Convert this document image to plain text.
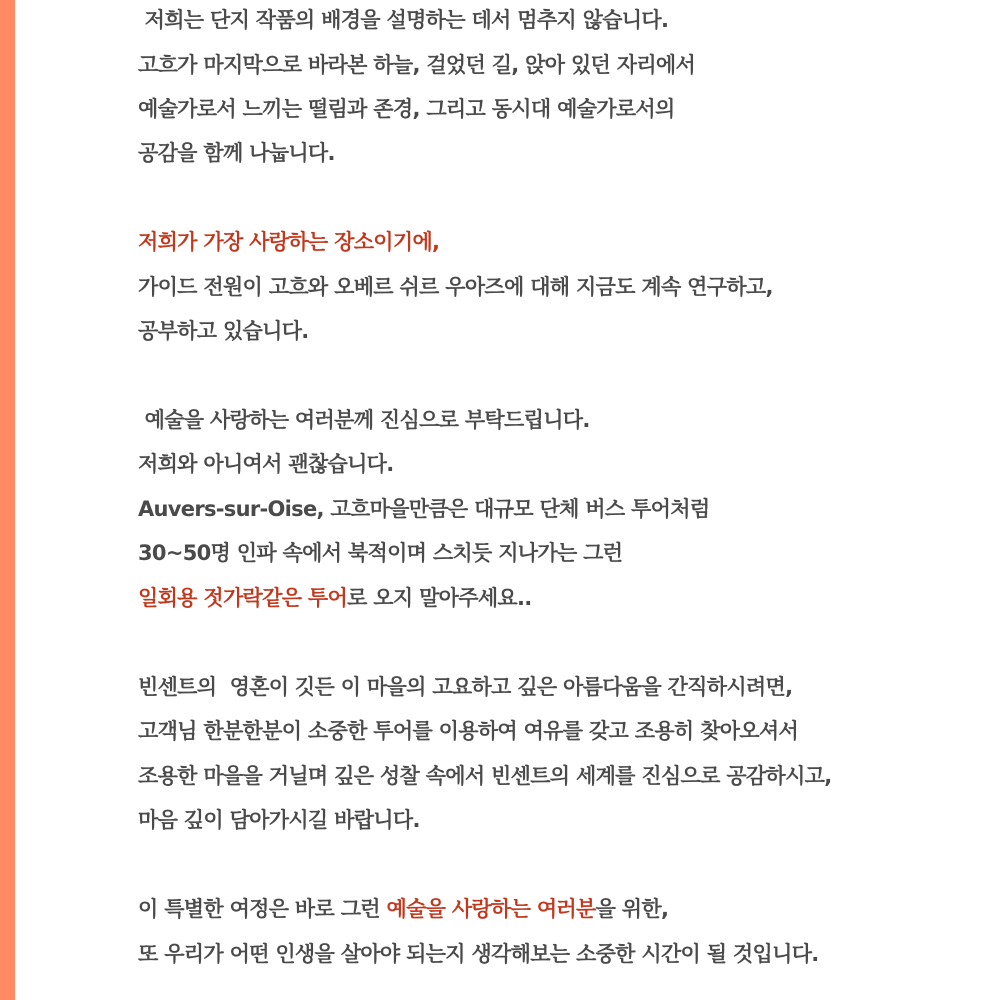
저희는 단지 작품의 배경을 설명하는 데서 멈추지 않습니다.
고흐가 마지막으로 바라본 하늘, 걸었던 길, 앉아 있던 자리에서
예술가로서 느끼는 떨림과 존경, 그리고 동시대 예술가로서의
공감을 함께 나눕니다.
저희가 가장 사랑하는 장소이기에,
가이드 전원이 고흐와 오베르 쉬르 우아즈에 대해 지금도 계속 연구하고,
공부하고 있습니다.
예술을 사랑하는 여러분께 진심으로 부탁드립니다.
저희와 아니여서 괜찮습니다.
Auvers-sur-Oise, 고흐마을만큼은 대규모 단체 버스 투어처럼
30~50명 인파 속에서 북적이며 스치듯 지나가는 그런
일회용 젓가락같은 투어로 오지 말아주세요..
빈센트의  영혼이 깃든 이 마을의 고요하고 깊은 아름다움을 간직하시려면,
고객님 한분한분이 소중한 투어를 이용하여 여유를 갖고 조용히 찾아오셔서
조용한 마을을 거닐며 깊은 성찰 속에서 빈센트의 세계를 진심으로 공감하시고,
마음 깊이 담아가시길 바랍니다.
이 특별한 여정은 바로 그런 예술을 사랑하는 여러분을 위한,
또 우리가 어떤 인생을 살아야 되는지 생각해보는 소중한 시간이 될 것입니다.
